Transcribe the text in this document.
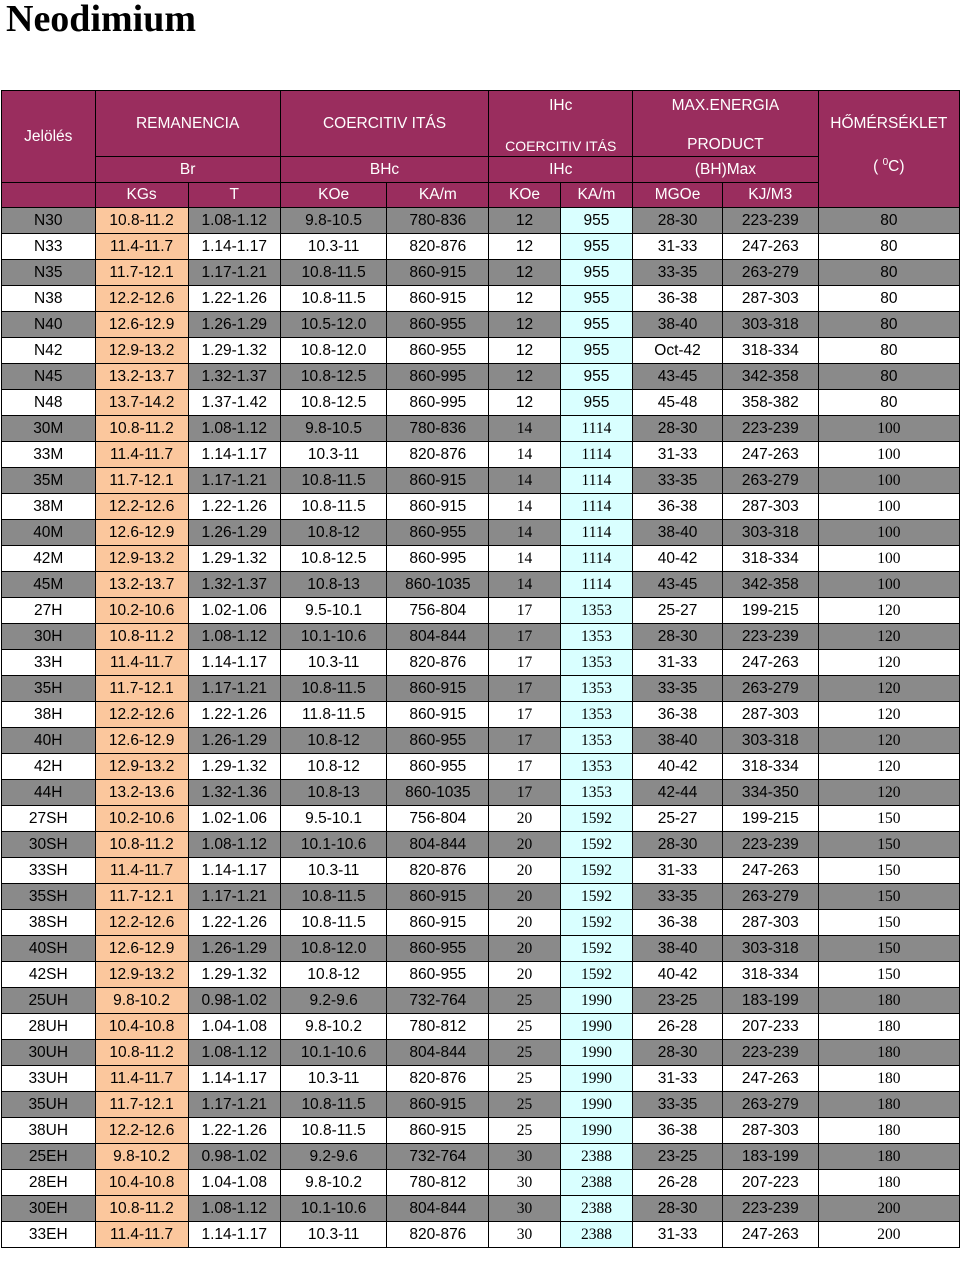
Neodimium
Jelölés	REMANENCIA		COERCITIV ITÁS		IHc		MAX.ENERGIA		HŐMÉRSÉKLET
					COERCITIV ITÁS		PRODUCT		
	Br		BHc		IHc		(BH)Max		( $^0$C)
	KGs	T	KOe	KA/m	KOe	KA/m	MGOe	KJ/M3	
N30	10.8-11.2	1.08-1.12	9.8-10.5	780-836	12	955	28-30	223-239	80
N33	11.4-11.7	1.14-1.17	10.3-11	820-876	12	955	31-33	247-263	80
N35	11.7-12.1	1.17-1.21	10.8-11.5	860-915	12	955	33-35	263-279	80
N38	12.2-12.6	1.22-1.26	10.8-11.5	860-915	12	955	36-38	287-303	80
N40	12.6-12.9	1.26-1.29	10.5-12.0	860-955	12	955	38-40	303-318	80
N42	12.9-13.2	1.29-1.32	10.8-12.0	860-955	12	955	Oct-42	318-334	80
N45	13.2-13.7	1.32-1.37	10.8-12.5	860-995	12	955	43-45	342-358	80
N48	13.7-14.2	1.37-1.42	10.8-12.5	860-995	12	955	45-48	358-382	80
30M	10.8-11.2	1.08-1.12	9.8-10.5	780-836	14	1114	28-30	223-239	100
33M	11.4-11.7	1.14-1.17	10.3-11	820-876	14	1114	31-33	247-263	100
35M	11.7-12.1	1.17-1.21	10.8-11.5	860-915	14	1114	33-35	263-279	100
38M	12.2-12.6	1.22-1.26	10.8-11.5	860-915	14	1114	36-38	287-303	100
40M	12.6-12.9	1.26-1.29	10.8-12	860-955	14	1114	38-40	303-318	100
42M	12.9-13.2	1.29-1.32	10.8-12.5	860-995	14	1114	40-42	318-334	100
45M	13.2-13.7	1.32-1.37	10.8-13	860-1035	14	1114	43-45	342-358	100
27H	10.2-10.6	1.02-1.06	9.5-10.1	756-804	17	1353	25-27	199-215	120
30H	10.8-11.2	1.08-1.12	10.1-10.6	804-844	17	1353	28-30	223-239	120
33H	11.4-11.7	1.14-1.17	10.3-11	820-876	17	1353	31-33	247-263	120
35H	11.7-12.1	1.17-1.21	10.8-11.5	860-915	17	1353	33-35	263-279	120
38H	12.2-12.6	1.22-1.26	11.8-11.5	860-915	17	1353	36-38	287-303	120
40H	12.6-12.9	1.26-1.29	10.8-12	860-955	17	1353	38-40	303-318	120
42H	12.9-13.2	1.29-1.32	10.8-12	860-955	17	1353	40-42	318-334	120
44H	13.2-13.6	1.32-1.36	10.8-13	860-1035	17	1353	42-44	334-350	120
27SH	10.2-10.6	1.02-1.06	9.5-10.1	756-804	20	1592	25-27	199-215	150
30SH	10.8-11.2	1.08-1.12	10.1-10.6	804-844	20	1592	28-30	223-239	150
33SH	11.4-11.7	1.14-1.17	10.3-11	820-876	20	1592	31-33	247-263	150
35SH	11.7-12.1	1.17-1.21	10.8-11.5	860-915	20	1592	33-35	263-279	150
38SH	12.2-12.6	1.22-1.26	10.8-11.5	860-915	20	1592	36-38	287-303	150
40SH	12.6-12.9	1.26-1.29	10.8-12.0	860-955	20	1592	38-40	303-318	150
42SH	12.9-13.2	1.29-1.32	10.8-12	860-955	20	1592	40-42	318-334	150
25UH	9.8-10.2	0.98-1.02	9.2-9.6	732-764	25	1990	23-25	183-199	180
28UH	10.4-10.8	1.04-1.08	9.8-10.2	780-812	25	1990	26-28	207-233	180
30UH	10.8-11.2	1.08-1.12	10.1-10.6	804-844	25	1990	28-30	223-239	180
33UH	11.4-11.7	1.14-1.17	10.3-11	820-876	25	1990	31-33	247-263	180
35UH	11.7-12.1	1.17-1.21	10.8-11.5	860-915	25	1990	33-35	263-279	180
38UH	12.2-12.6	1.22-1.26	10.8-11.5	860-915	25	1990	36-38	287-303	180
25EH	9.8-10.2	0.98-1.02	9.2-9.6	732-764	30	2388	23-25	183-199	180
28EH	10.4-10.8	1.04-1.08	9.8-10.2	780-812	30	2388	26-28	207-223	180
30EH	10.8-11.2	1.08-1.12	10.1-10.6	804-844	30	2388	28-30	223-239	200
33EH	11.4-11.7	1.14-1.17	10.3-11	820-876	30	2388	31-33	247-263	200
